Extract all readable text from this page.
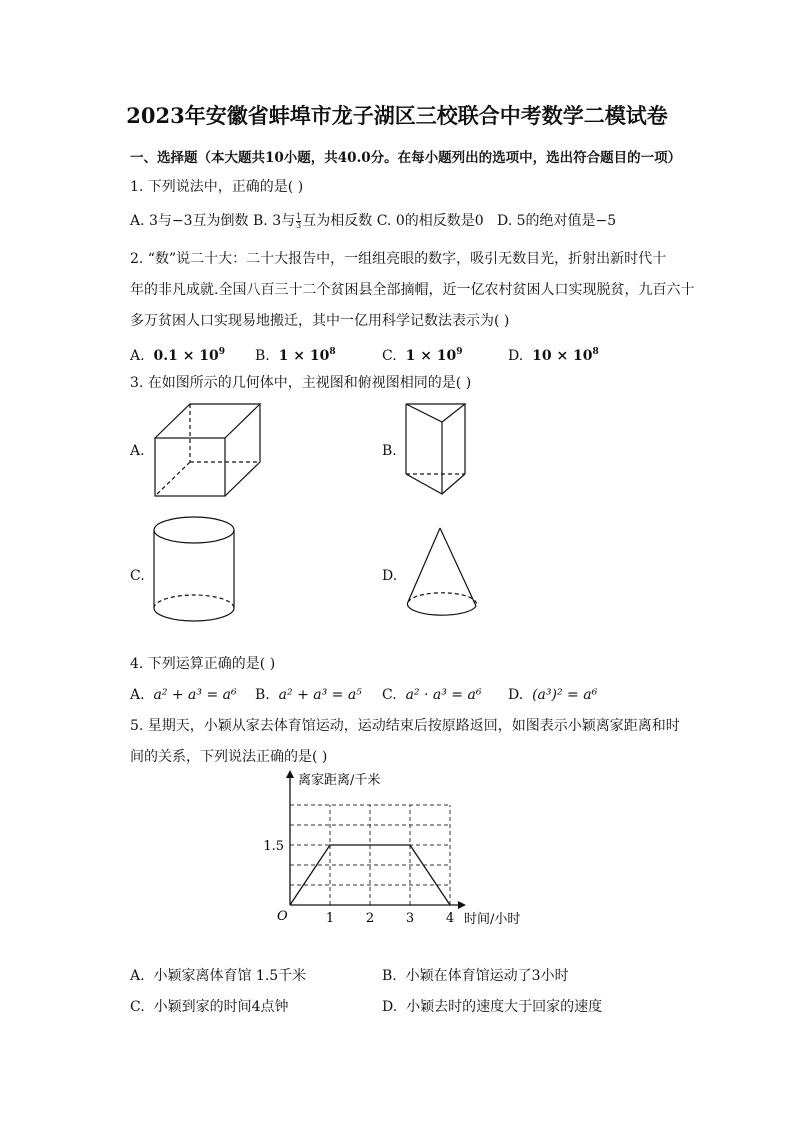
2023年安徽省蚌埠市龙子湖区三校联合中考数学二模试卷
一、选择题（本大题共10小题，共40.0分。在每小题列出的选项中，选出符合题目的一项）
1. 下列说法中，正确的是( )
A. 3与−3互为倒数 B. 3与 $\frac{1}{3}$ 互为相反数 C. 0的相反数是0 D. 5的绝对值是−5
2. “数”说二十大：二十大报告中，一组组亮眼的数字，吸引无数目光，折射出新时代十
年的非凡成就.全国八百三十二个贫困县全部摘帽，近一亿农村贫困人口实现脱贫，九百六十
多万贫困人口实现易地搬迁，其中一亿用科学记数法表示为( )
A. $0.1 \times 10^9$ B. $1 \times 10^8$	C. $1 \times 10^9$	D. $10 \times 10^8$
3. 在如图所示的几何体中，主视图和俯视图相同的是( )
A.	B.
C.	D.
4. 下列运算正确的是( )
A. a² + a³ = a⁶ B. a² + a³ = a⁵ C. a² · a³ = a⁶ D. (a³)² = a⁶
5. 星期天，小颖从家去体育馆运动，运动结束后按原路返回，如图表示小颖离家距离和时
间的关系，下列说法正确的是( )
1 2 3 4
1.5
离家距离/千米
时间/小时
O
A. 小颖家离体育馆 1.5千米	B. 小颖在体育馆运动了3小时
C. 小颖到家的时间4点钟	D. 小颖去时的速度大于回家的速度
